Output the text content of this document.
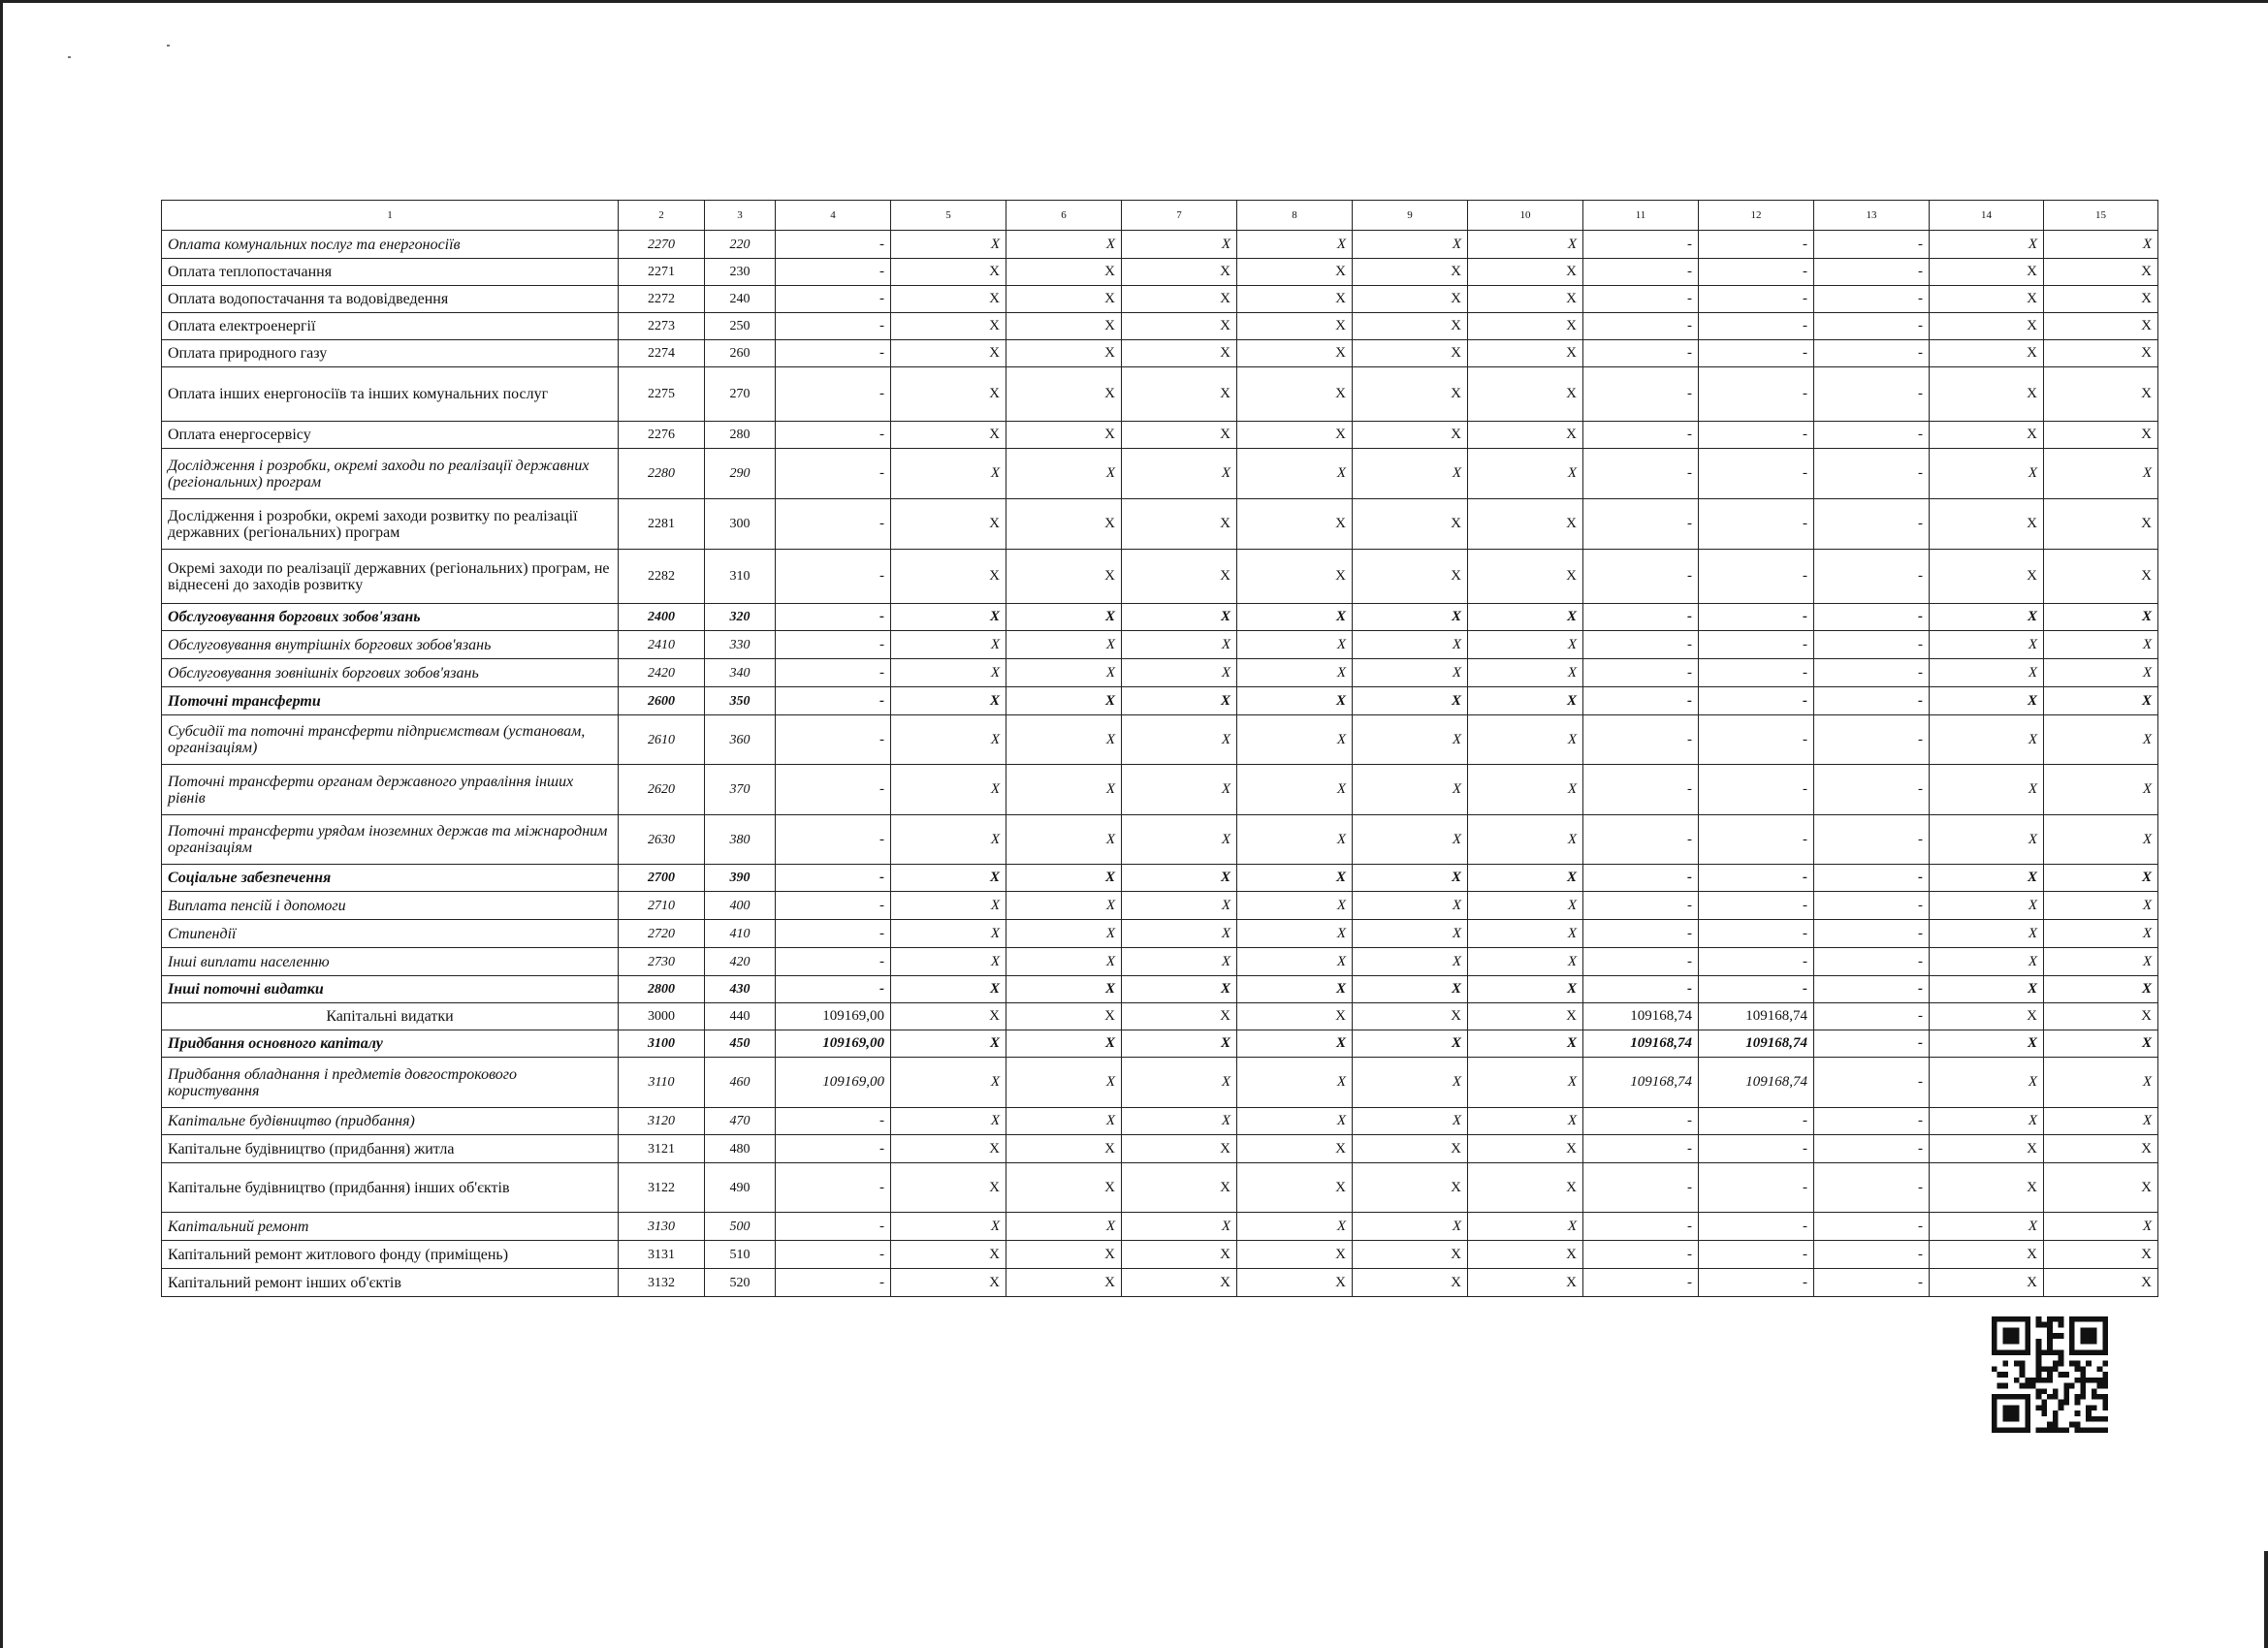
1	2	3	4	5	6	7	8	9	10	11	12	13	14	15
Оплата комунальних послуг та енергоносіїв	2270	220	-	X	X	X	X	X	X	-	-	-	X	X
Оплата теплопостачання	2271	230	-	X	X	X	X	X	X	-	-	-	X	X
Оплата водопостачання та водовідведення	2272	240	-	X	X	X	X	X	X	-	-	-	X	X
Оплата електроенергії	2273	250	-	X	X	X	X	X	X	-	-	-	X	X
Оплата природного газу	2274	260	-	X	X	X	X	X	X	-	-	-	X	X
Оплата інших енергоносіїв та інших комунальних послуг	2275	270	-	X	X	X	X	X	X	-	-	-	X	X
Оплата енергосервісу	2276	280	-	X	X	X	X	X	X	-	-	-	X	X
Дослідження і розробки, окремі заходи по реалізації державних (регіональних) програм	2280	290	-	X	X	X	X	X	X	-	-	-	X	X
Дослідження і розробки, окремі заходи розвитку по реалізації державних (регіональних) програм	2281	300	-	X	X	X	X	X	X	-	-	-	X	X
Окремі заходи по реалізації державних (регіональних) програм, не віднесені до заходів розвитку	2282	310	-	X	X	X	X	X	X	-	-	-	X	X
Обслуговування боргових зобов'язань	2400	320	-	X	X	X	X	X	X	-	-	-	X	X
Обслуговування внутрішніх боргових зобов'язань	2410	330	-	X	X	X	X	X	X	-	-	-	X	X
Обслуговування зовнішніх боргових зобов'язань	2420	340	-	X	X	X	X	X	X	-	-	-	X	X
Поточні трансферти	2600	350	-	X	X	X	X	X	X	-	-	-	X	X
Субсидії та поточні трансферти підприємствам (установам, організаціям)	2610	360	-	X	X	X	X	X	X	-	-	-	X	X
Поточні трансферти органам державного управління інших рівнів	2620	370	-	X	X	X	X	X	X	-	-	-	X	X
Поточні трансферти урядам іноземних держав та міжнародним організаціям	2630	380	-	X	X	X	X	X	X	-	-	-	X	X
Соціальне забезпечення	2700	390	-	X	X	X	X	X	X	-	-	-	X	X
Виплата пенсій і допомоги	2710	400	-	X	X	X	X	X	X	-	-	-	X	X
Стипендії	2720	410	-	X	X	X	X	X	X	-	-	-	X	X
Інші виплати населенню	2730	420	-	X	X	X	X	X	X	-	-	-	X	X
Інші поточні видатки	2800	430	-	X	X	X	X	X	X	-	-	-	X	X
Капітальні видатки	3000	440	109169,00	X	X	X	X	X	X	109168,74	109168,74	-	X	X
Придбання основного капіталу	3100	450	109169,00	X	X	X	X	X	X	109168,74	109168,74	-	X	X
Придбання обладнання і предметів довгострокового користування	3110	460	109169,00	X	X	X	X	X	X	109168,74	109168,74	-	X	X
Капітальне будівництво (придбання)	3120	470	-	X	X	X	X	X	X	-	-	-	X	X
Капітальне будівництво (придбання) житла	3121	480	-	X	X	X	X	X	X	-	-	-	X	X
Капітальне будівництво (придбання) інших об'єктів	3122	490	-	X	X	X	X	X	X	-	-	-	X	X
Капітальний ремонт	3130	500	-	X	X	X	X	X	X	-	-	-	X	X
Капітальний ремонт житлового фонду (приміщень)	3131	510	-	X	X	X	X	X	X	-	-	-	X	X
Капітальний ремонт інших об'єктів	3132	520	-	X	X	X	X	X	X	-	-	-	X	X
